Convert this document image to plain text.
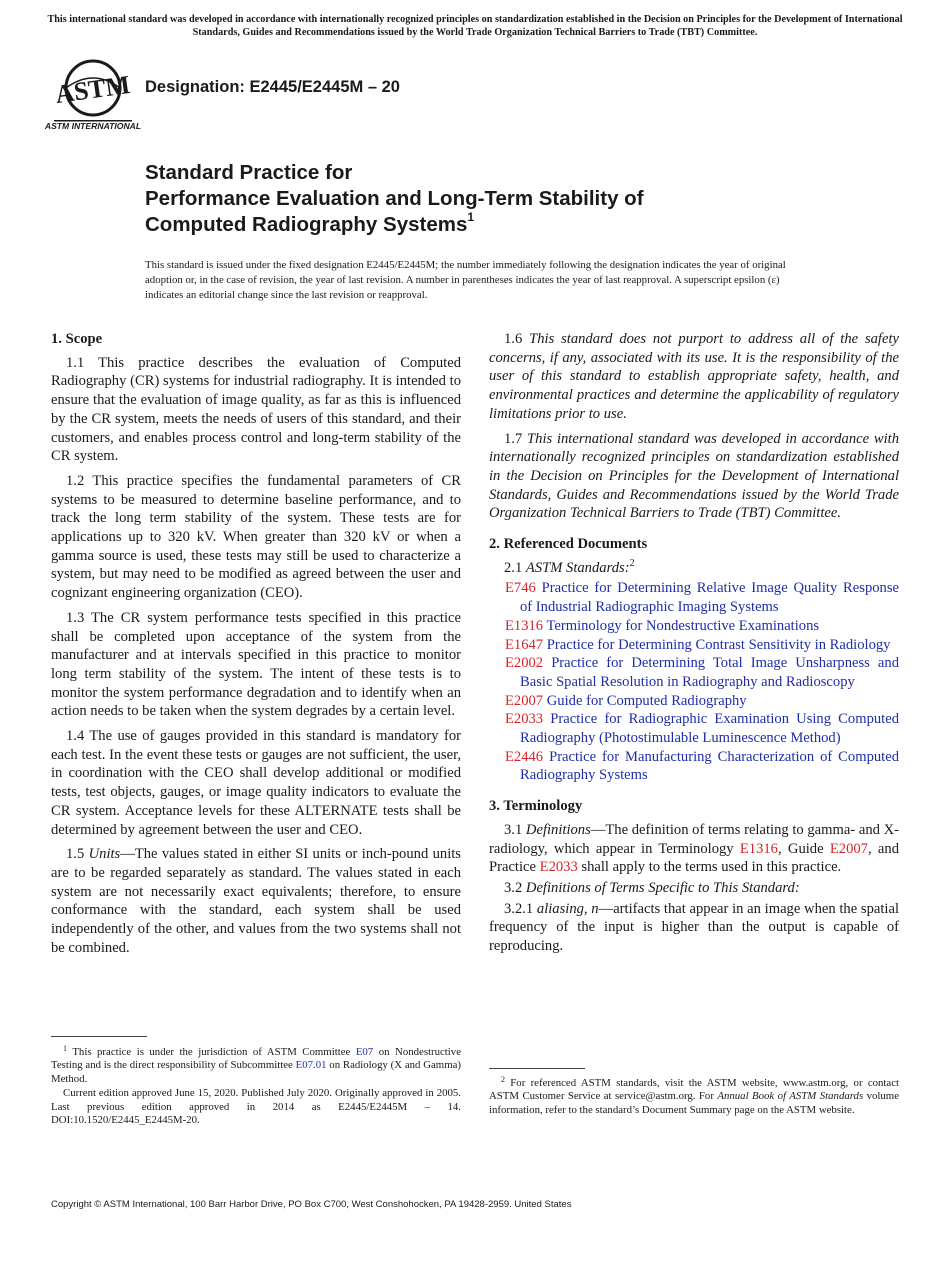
This international standard was developed in accordance with internationally recognized principles on standardization established in the Decision on Principles for the Development of International Standards, Guides and Recommendations issued by the World Trade Organization Technical Barriers to Trade (TBT) Committee.
ASTM
ASTM INTERNATIONAL
Designation: E2445/E2445M – 20
Standard Practice for
Performance Evaluation and Long-Term Stability of
Computed Radiography Systems$^1$
This standard is issued under the fixed designation E2445/E2445M; the number immediately following the designation indicates the year of original adoption or, in the case of revision, the year of last revision. A number in parentheses indicates the year of last reapproval. A superscript epsilon (ε) indicates an editorial change since the last revision or reapproval.
1. Scope

1.1 This practice describes the evaluation of Computed Radiography (CR) systems for industrial radiography. It is intended to ensure that the evaluation of image quality, as far as this is influenced by the CR system, meets the needs of users of this standard, and their customers, and enables process control and long-term stability of the CR system.

1.2 This practice specifies the fundamental parameters of CR systems to be measured to determine baseline performance, and to track the long term stability of the system. These tests are for applications up to 320 kV. When greater than 320 kV or when a gamma source is used, these tests may still be used to characterize a system, but may need to be modified as agreed between the user and cognizant engineering organization (CEO).

1.3 The CR system performance tests specified in this practice shall be completed upon acceptance of the system from the manufacturer and at intervals specified in this practice to monitor long term stability of the system. The intent of these tests is to monitor the system performance degradation and to identify when an action needs to be taken when the system degrades by a certain level.

1.4 The use of gauges provided in this standard is mandatory for each test. In the event these tests or gauges are not sufficient, the user, in coordination with the CEO shall develop additional or modified tests, test objects, gauges, or image quality indicators to evaluate the CR system. Acceptance levels for these ALTERNATE tests shall be determined by agreement between the user and CEO.

1.5 Units—The values stated in either SI units or inch-pound units are to be regarded separately as standard. The values stated in each system are not necessarily exact equivalents; therefore, to ensure conformance with the standard, each system shall be used independently of the other, and values from the two systems shall not be combined.

$^1$ This practice is under the jurisdiction of ASTM Committee E07 on Nondestructive Testing and is the direct responsibility of Subcommittee E07.01 on Radiology (X and Gamma) Method.

Current edition approved June 15, 2020. Published July 2020. Originally approved in 2005. Last previous edition approved in 2014 as E2445/E2445M – 14. DOI:10.1520/E2445_E2445M-20.

1.6 This standard does not purport to address all of the safety concerns, if any, associated with its use. It is the responsibility of the user of this standard to establish appropriate safety, health, and environmental practices and determine the applicability of regulatory limitations prior to use.

1.7 This international standard was developed in accordance with internationally recognized principles on standardization established in the Decision on Principles for the Development of International Standards, Guides and Recommendations issued by the World Trade Organization Technical Barriers to Trade (TBT) Committee.

2. Referenced Documents

2.1 ASTM Standards:$^2$

E746 Practice for Determining Relative Image Quality Response of Industrial Radiographic Imaging Systems
E1316 Terminology for Nondestructive Examinations
E1647 Practice for Determining Contrast Sensitivity in Radiology
E2002 Practice for Determining Total Image Unsharpness and Basic Spatial Resolution in Radiography and Radioscopy
E2007 Guide for Computed Radiography
E2033 Practice for Radiographic Examination Using Computed Radiography (Photostimulable Luminescence Method)
E2446 Practice for Manufacturing Characterization of Computed Radiography Systems
3. Terminology

3.1 Definitions—The definition of terms relating to gamma- and X-radiology, which appear in Terminology E1316, Guide E2007, and Practice E2033 shall apply to the terms used in this practice.

3.2 Definitions of Terms Specific to This Standard:

3.2.1 aliasing, n—artifacts that appear in an image when the spatial frequency of the input is higher than the output is capable of reproducing.

$^2$ For referenced ASTM standards, visit the ASTM website, www.astm.org, or contact ASTM Customer Service at service@astm.org. For Annual Book of ASTM Standards volume information, refer to the standard’s Document Summary page on the ASTM website.

Copyright © ASTM International, 100 Barr Harbor Drive, PO Box C700, West Conshohocken, PA 19428-2959. United States
